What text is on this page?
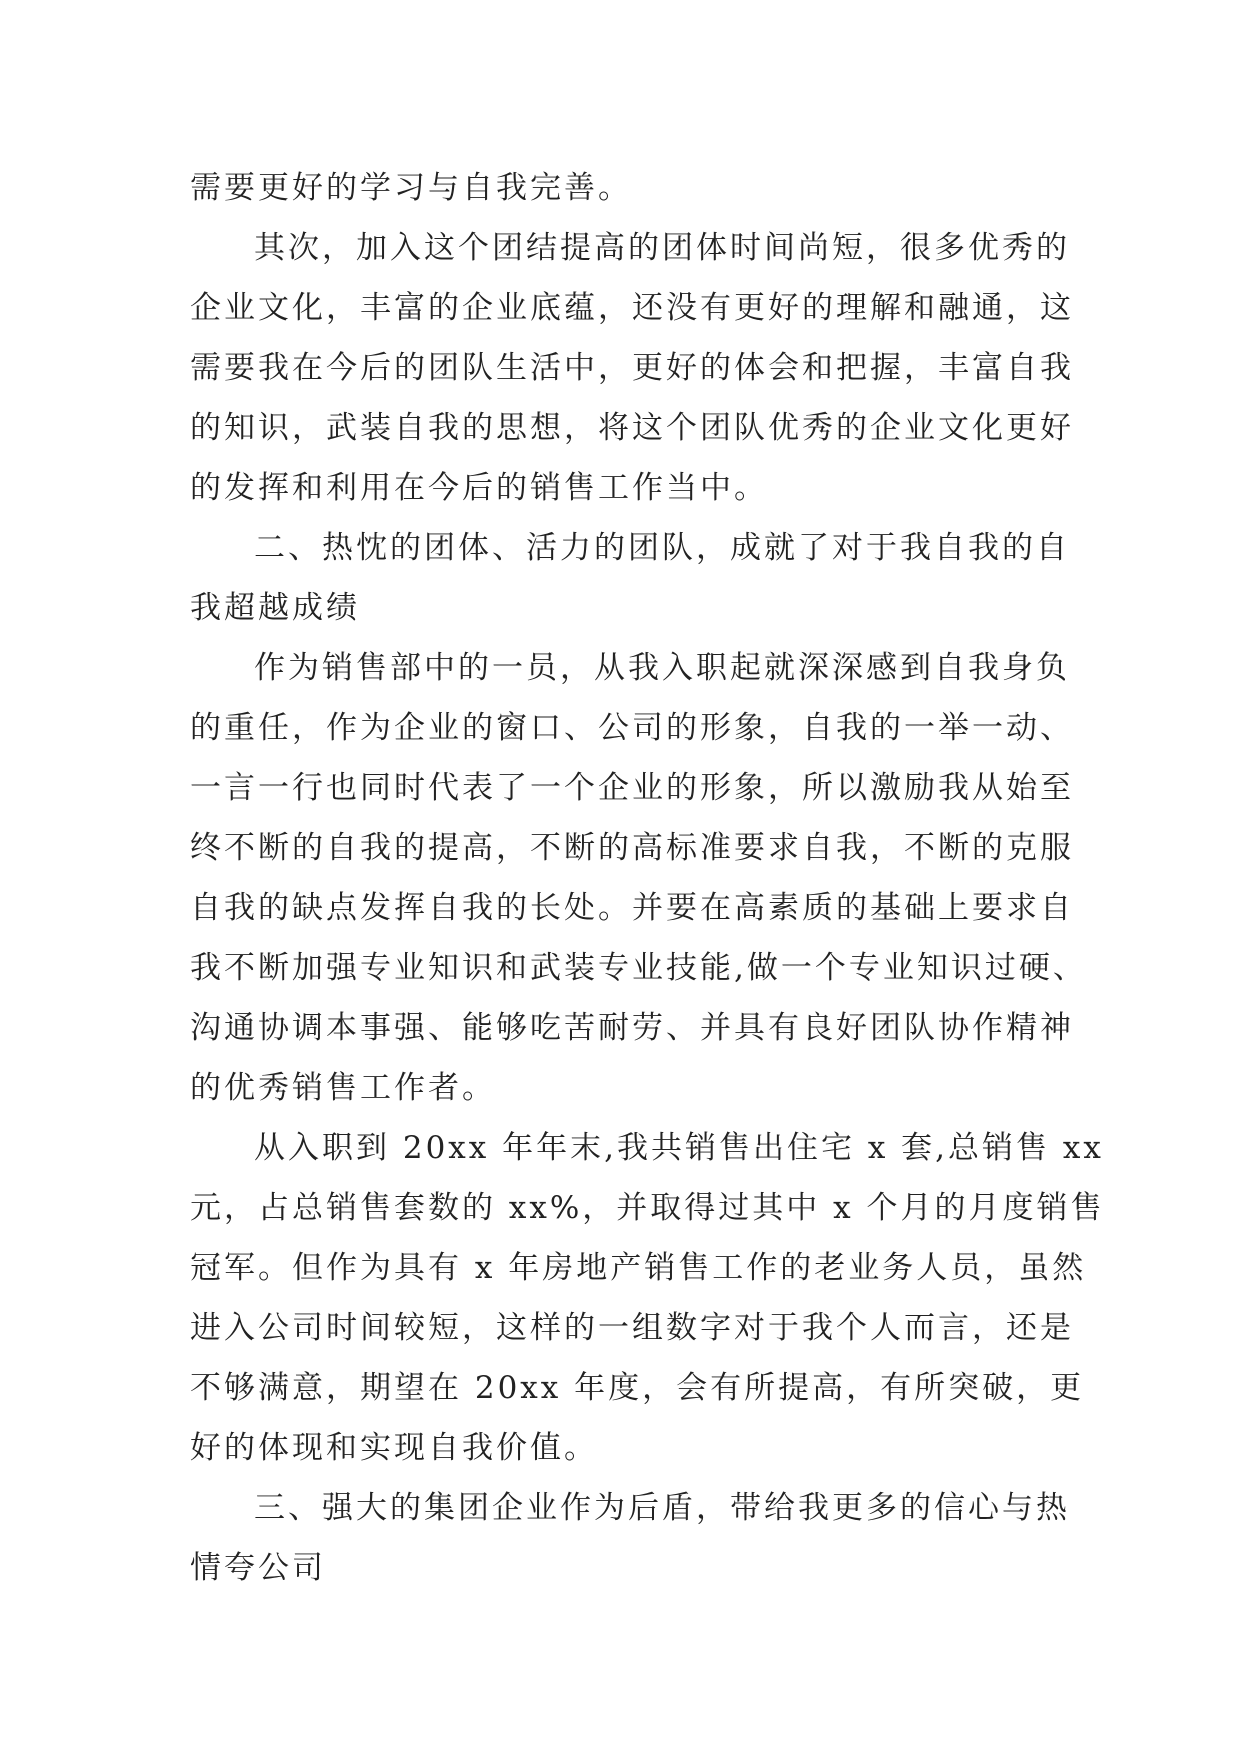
需要更好的学习与自我完善。

其次，加入这个团结提高的团体时间尚短，很多优秀的

企业文化，丰富的企业底蕴，还没有更好的理解和融通，这

需要我在今后的团队生活中，更好的体会和把握，丰富自我

的知识，武装自我的思想，将这个团队优秀的企业文化更好

的发挥和利用在今后的销售工作当中。

二、热忱的团体、活力的团队，成就了对于我自我的自

我超越成绩

作为销售部中的一员，从我入职起就深深感到自我身负

的重任，作为企业的窗口、公司的形象，自我的一举一动、

一言一行也同时代表了一个企业的形象，所以激励我从始至

终不断的自我的提高，不断的高标准要求自我，不断的克服

自我的缺点发挥自我的长处。并要在高素质的基础上要求自

我不断加强专业知识和武装专业技能,做一个专业知识过硬、

沟通协调本事强、能够吃苦耐劳、并具有良好团队协作精神

的优秀销售工作者。

从入职到 20xx 年年末,我共销售出住宅 x 套,总销售 xx

元，占总销售套数的 xx%，并取得过其中 x 个月的月度销售

冠军。但作为具有 x 年房地产销售工作的老业务人员，虽然

进入公司时间较短，这样的一组数字对于我个人而言，还是

不够满意，期望在 20xx 年度，会有所提高，有所突破，更

好的体现和实现自我价值。

三、强大的集团企业作为后盾，带给我更多的信心与热

情夸公司
